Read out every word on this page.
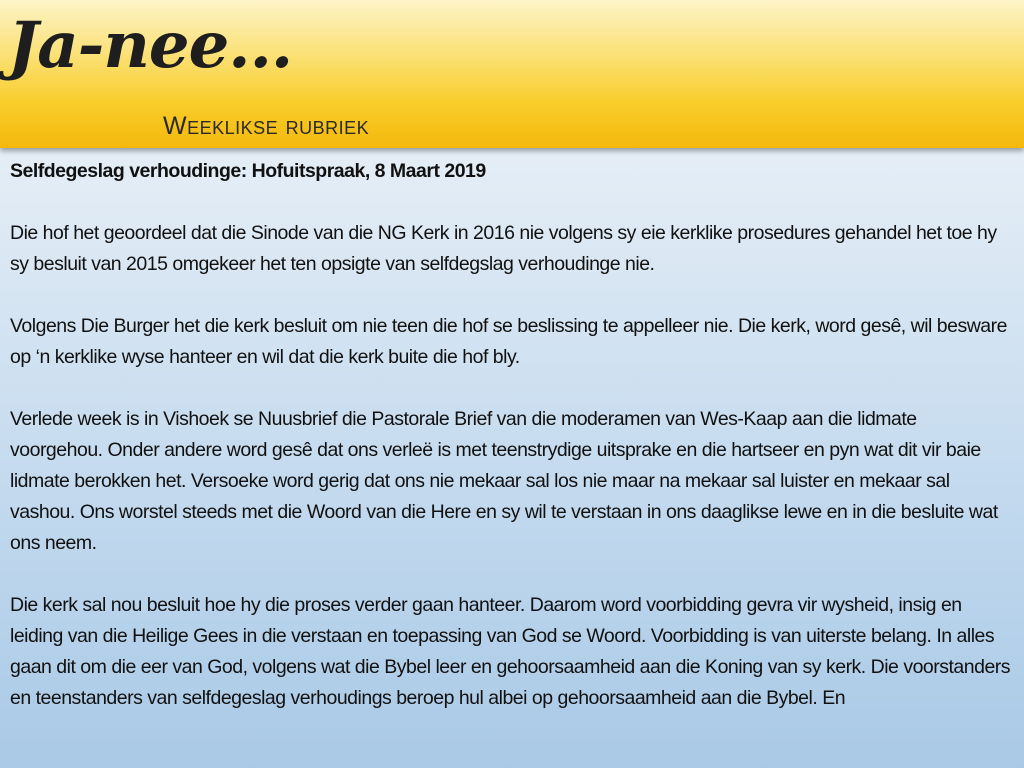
Ja-nee...
Weeklikse rubriek

Selfdegeslag verhoudinge: Hofuitspraak, 8 Maart 2019

Die hof het geoordeel dat die Sinode van die NG Kerk in 2016 nie volgens sy eie kerklike prosedures gehandel het toe hy sy besluit van 2015 omgekeer het ten opsigte van selfdegslag verhoudinge nie.

Volgens Die Burger het die kerk besluit om nie teen die hof se beslissing te appelleer nie. Die kerk, word gesê, wil besware op ‘n kerklike wyse hanteer en wil dat die kerk buite die hof bly.

Verlede week is in Vishoek se Nuusbrief die Pastorale Brief van die moderamen van Wes-Kaap aan die lidmate voorgehou. Onder andere word gesê dat ons verleë is met teenstrydige uitsprake en die hartseer en pyn wat dit vir baie lidmate berokken het. Versoeke word gerig dat ons nie mekaar sal los nie maar na mekaar sal luister en mekaar sal vashou. Ons worstel steeds met die Woord van die Here en sy wil te verstaan in ons daaglikse lewe en in die besluite wat ons neem.

Die kerk sal nou besluit hoe hy die proses verder gaan hanteer. Daarom word voorbidding gevra vir wysheid, insig en leiding van die Heilige Gees in die verstaan en toepassing van God se Woord. Voorbidding is van uiterste belang. In alles gaan dit om die eer van God, volgens wat die Bybel leer en gehoorsaamheid aan die Koning van sy kerk. Die voorstanders en teenstanders van selfdegeslag verhoudings beroep hul albei op gehoorsaamheid aan die Bybel. En
